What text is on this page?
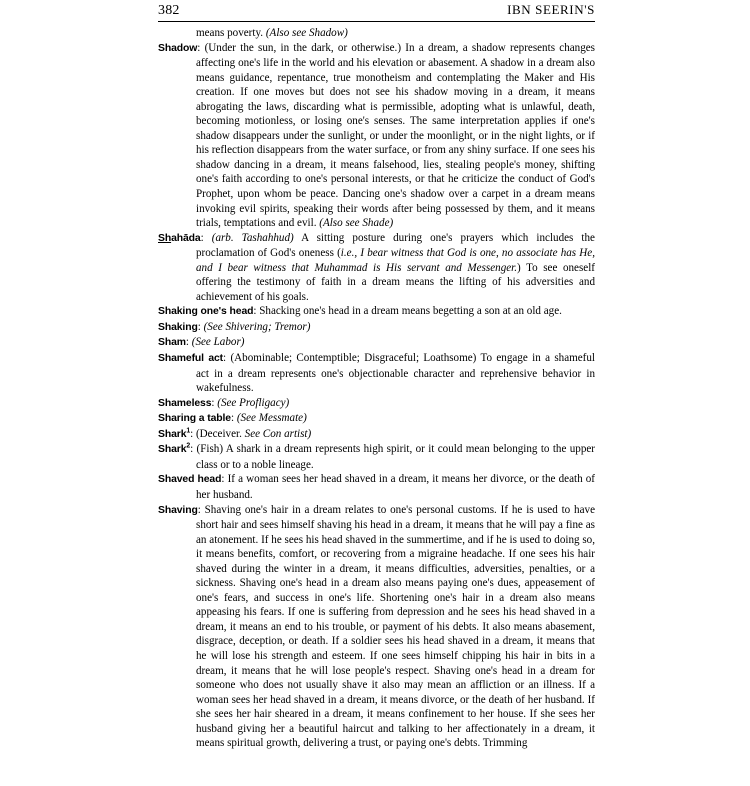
382	IBN SEERIN'S

means poverty. (Also see Shadow)

Shadow: (Under the sun, in the dark, or otherwise.) In a dream, a shadow represents changes affecting one's life in the world and his elevation or abasement. A shadow in a dream also means guidance, repentance, true monotheism and contemplating the Maker and His creation. If one moves but does not see his shadow moving in a dream, it means abrogating the laws, discarding what is permissible, adopting what is unlawful, death, becoming motionless, or losing one's senses. The same interpretation applies if one's shadow disappears under the sunlight, or under the moonlight, or in the night lights, or if his reflection disappears from the water surface, or from any shiny surface. If one sees his shadow dancing in a dream, it means falsehood, lies, stealing people's money, shifting one's faith according to one's personal interests, or that he criticize the conduct of God's Prophet, upon whom be peace. Dancing one's shadow over a carpet in a dream means invoking evil spirits, speaking their words after being possessed by them, and it means trials, temptations and evil. (Also see Shade)

Shahāda: (arb. Tashahhud) A sitting posture during one's prayers which includes the proclamation of God's oneness (i.e., I bear witness that God is one, no associate has He, and I bear witness that Muhammad is His servant and Messenger.) To see oneself offering the testimony of faith in a dream means the lifting of his adversities and achievement of his goals.

Shaking one's head: Shacking one's head in a dream means begetting a son at an old age.

Shaking: (See Shivering; Tremor)

Sham: (See Labor)

Shameful act: (Abominable; Contemptible; Disgraceful; Loathsome) To engage in a shameful act in a dream represents one's objectionable character and reprehensive behavior in wakefulness.

Shameless: (See Profligacy)

Sharing a table: (See Messmate)

Shark$^1$: (Deceiver. See Con artist)

Shark$^2$: (Fish) A shark in a dream represents high spirit, or it could mean belonging to the upper class or to a noble lineage.

Shaved head: If a woman sees her head shaved in a dream, it means her divorce, or the death of her husband.

Shaving: Shaving one's hair in a dream relates to one's personal customs. If he is used to have short hair and sees himself shaving his head in a dream, it means that he will pay a fine as an atonement. If he sees his head shaved in the summertime, and if he is used to doing so, it means benefits, comfort, or recovering from a migraine headache. If one sees his hair shaved during the winter in a dream, it means difficulties, adversities, penalties, or a sickness. Shaving one's head in a dream also means paying one's dues, appeasement of one's fears, and success in one's life. Shortening one's hair in a dream also means appeasing his fears. If one is suffering from depression and he sees his head shaved in a dream, it means an end to his trouble, or payment of his debts. It also means abasement, disgrace, deception, or death. If a soldier sees his head shaved in a dream, it means that he will lose his strength and esteem. If one sees himself chipping his hair in bits in a dream, it means that he will lose people's respect. Shaving one's head in a dream for someone who does not usually shave it also may mean an affliction or an illness. If a woman sees her head shaved in a dream, it means divorce, or the death of her husband. If she sees her hair sheared in a dream, it means confinement to her house. If she sees her husband giving her a beautiful haircut and talking to her affectionately in a dream, it means spiritual growth, delivering a trust, or paying one's debts. Trimming
